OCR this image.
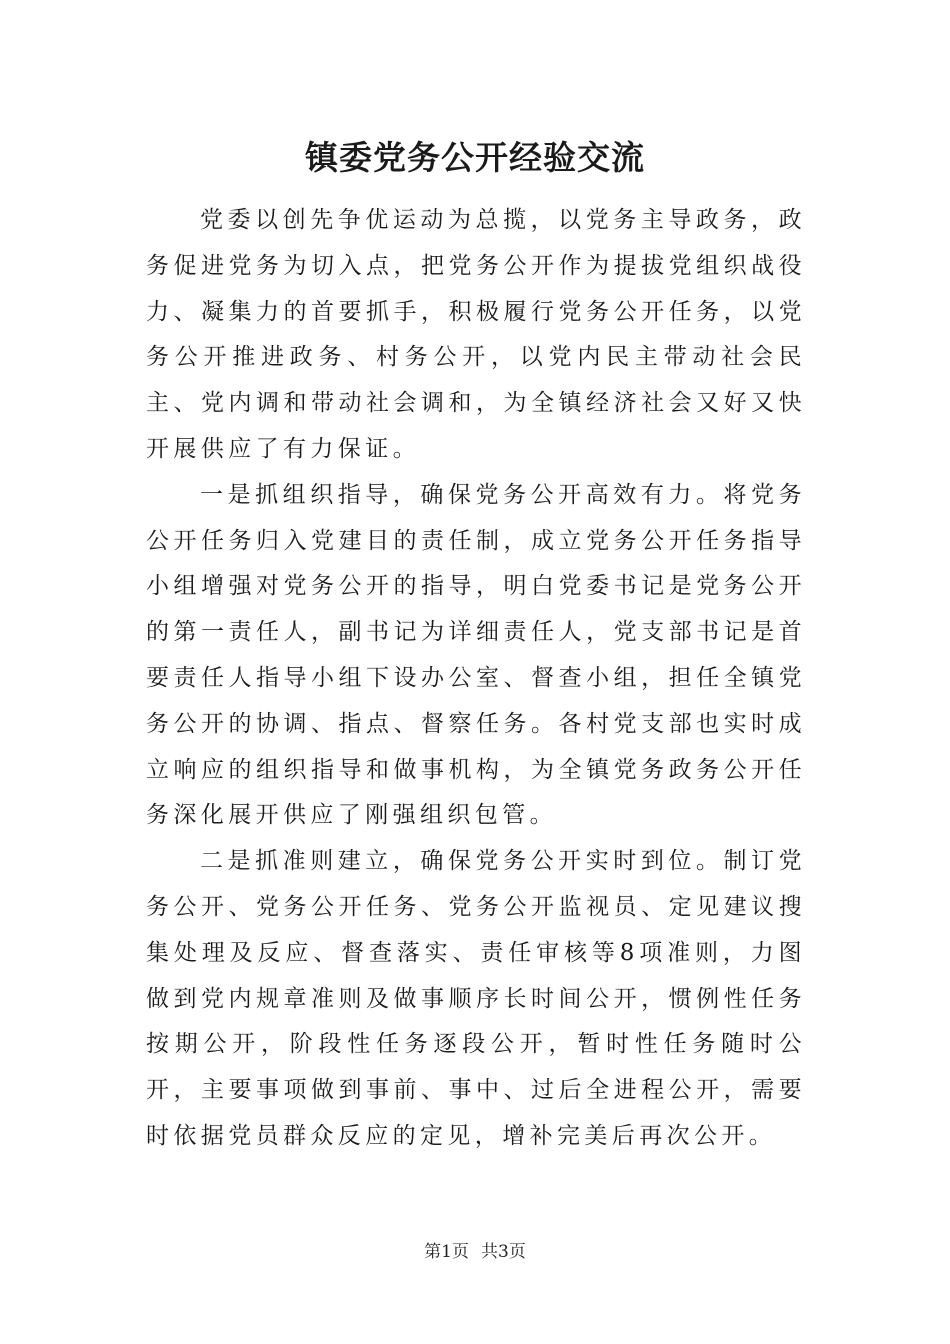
镇委党务公开经验交流

党委以创先争优运动为总揽，以党务主导政务，政务促进党务为切入点，把党务公开作为提拔党组织战役力、凝集力的首要抓手，积极履行党务公开任务，以党务公开推进政务、村务公开，以党内民主带动社会民主、党内调和带动社会调和，为全镇经济社会又好又快开展供应了有力保证。

一是抓组织指导，确保党务公开高效有力。将党务公开任务归入党建目的责任制，成立党务公开任务指导小组增强对党务公开的指导，明白党委书记是党务公开的第一责任人，副书记为详细责任人，党支部书记是首要责任人指导小组下设办公室、督查小组，担任全镇党务公开的协调、指点、督察任务。各村党支部也实时成立响应的组织指导和做事机构，为全镇党务政务公开任务深化展开供应了刚强组织包管。

二是抓准则建立，确保党务公开实时到位。制订党务公开、党务公开任务、党务公开监视员、定见建议搜集处理及反应、督查落实、责任审核等8项准则，力图做到党内规章准则及做事顺序长时间公开，惯例性任务按期公开，阶段性任务逐段公开，暂时性任务随时公开，主要事项做到事前、事中、过后全进程公开，需要时依据党员群众反应的定见，增补完美后再次公开。

第1页 共3页
